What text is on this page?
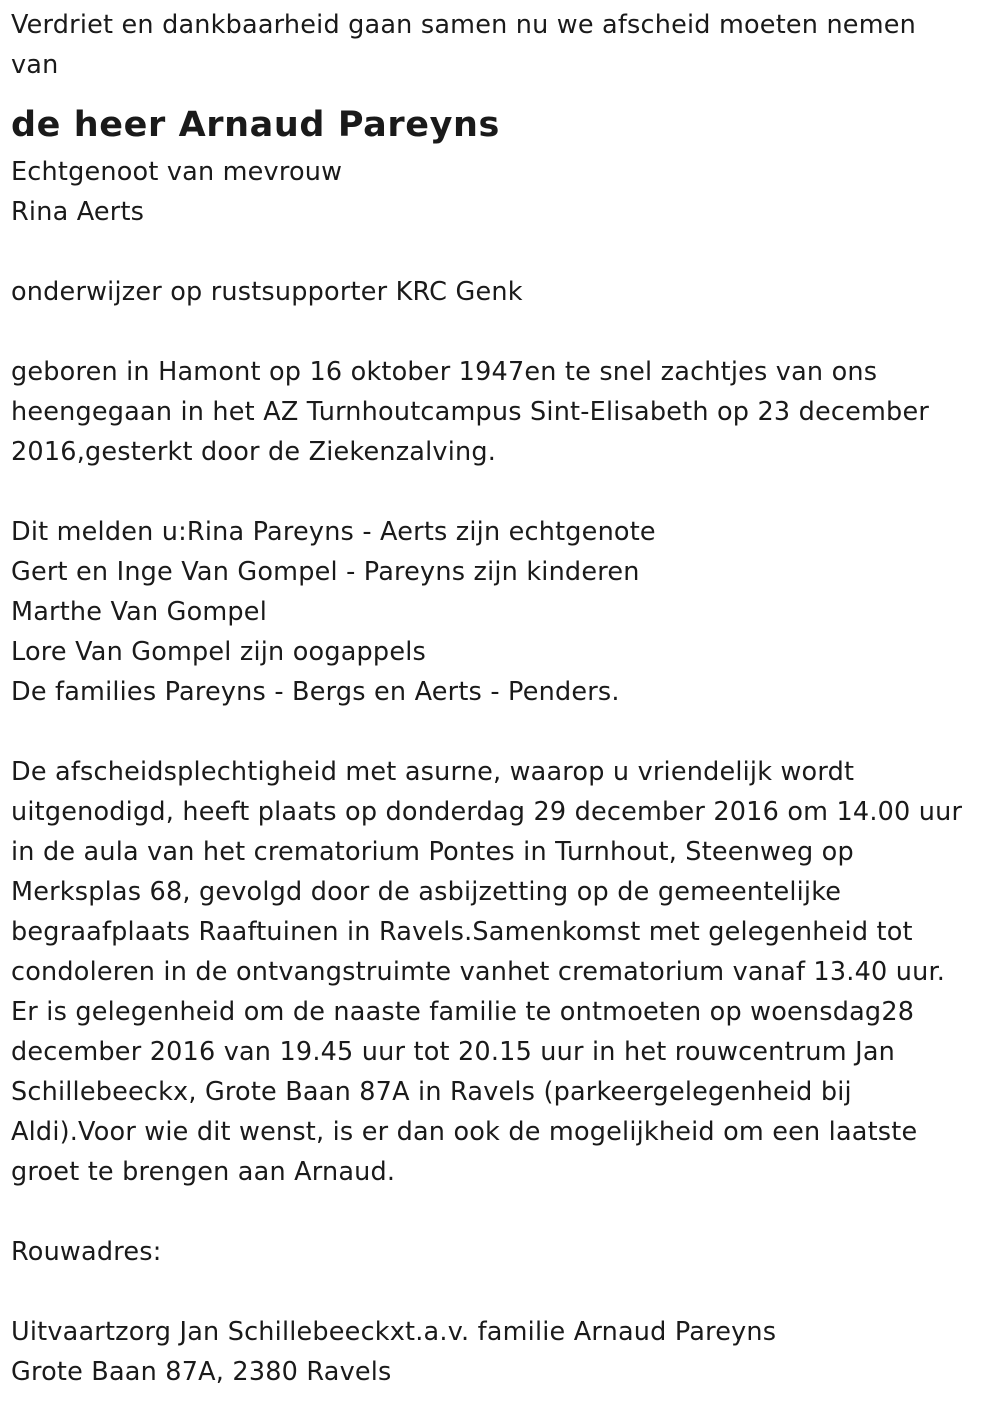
Verdriet en dankbaarheid gaan samen nu we afscheid moeten nemen
van
de heer Arnaud Pareyns
Echtgenoot van mevrouw
Rina Aerts
onderwijzer op rustsupporter KRC Genk
geboren in Hamont op 16 oktober 1947en te snel zachtjes van ons
heengegaan in het AZ Turnhoutcampus Sint-Elisabeth op 23 december
2016,gesterkt door de Ziekenzalving.
Dit melden u:Rina Pareyns - Aerts zijn echtgenote
Gert en Inge Van Gompel - Pareyns zijn kinderen
Marthe Van Gompel
Lore Van Gompel zijn oogappels
De families Pareyns - Bergs en Aerts - Penders.
De afscheidsplechtigheid met asurne, waarop u vriendelijk wordt
uitgenodigd, heeft plaats op donderdag 29 december 2016 om 14.00 uur
in de aula van het crematorium Pontes in Turnhout, Steenweg op
Merksplas 68, gevolgd door de asbijzetting op de gemeentelijke
begraafplaats Raaftuinen in Ravels.Samenkomst met gelegenheid tot
condoleren in de ontvangstruimte vanhet crematorium vanaf 13.40 uur.
Er is gelegenheid om de naaste familie te ontmoeten op woensdag28
december 2016 van 19.45 uur tot 20.15 uur in het rouwcentrum Jan
Schillebeeckx, Grote Baan 87A in Ravels (parkeergelegenheid bij
Aldi).Voor wie dit wenst, is er dan ook de mogelijkheid om een laatste
groet te brengen aan Arnaud.
Rouwadres:
Uitvaartzorg Jan Schillebeeckxt.a.v. familie Arnaud Pareyns
Grote Baan 87A, 2380 Ravels
